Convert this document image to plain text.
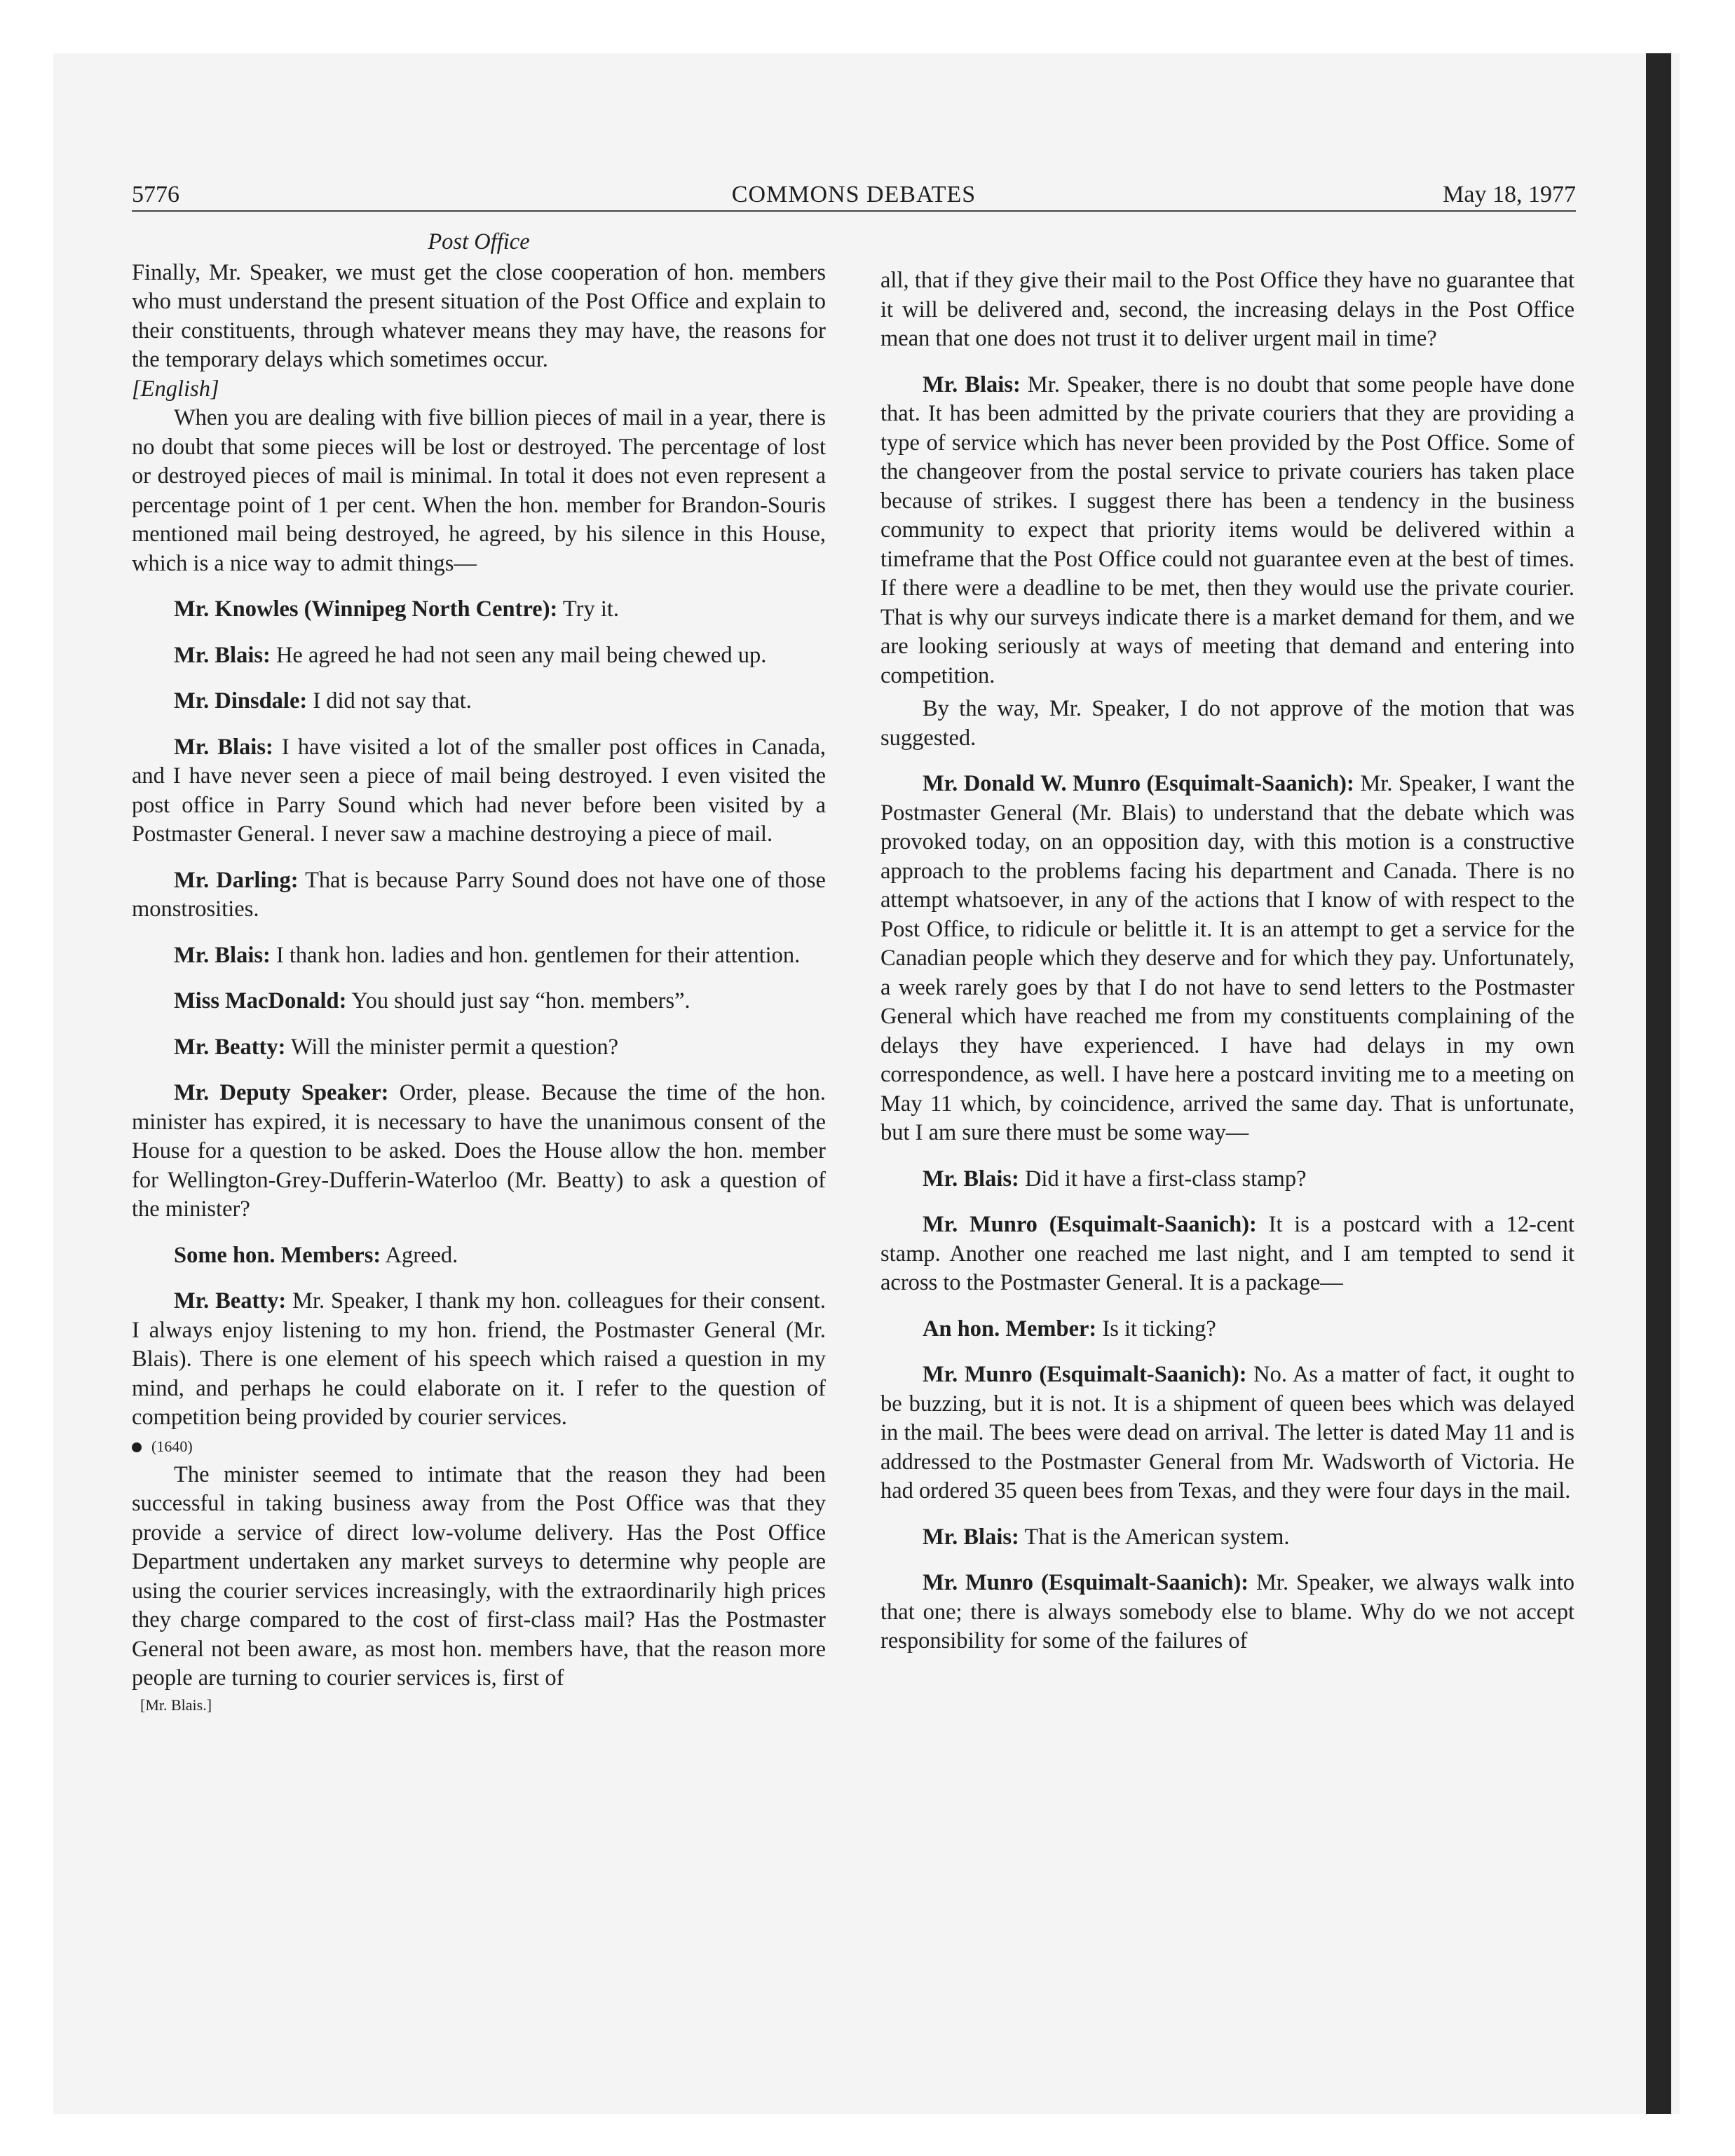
5776	COMMONS DEBATES	May 18, 1977

Post Office

Finally, Mr. Speaker, we must get the close cooperation of hon. members who must understand the present situation of the Post Office and explain to their constituents, through whatever means they may have, the reasons for the temporary delays which sometimes occur.

[English]

When you are dealing with five billion pieces of mail in a year, there is no doubt that some pieces will be lost or destroyed. The percentage of lost or destroyed pieces of mail is minimal. In total it does not even represent a percentage point of 1 per cent. When the hon. member for Brandon-Souris mentioned mail being destroyed, he agreed, by his silence in this House, which is a nice way to admit things—

Mr. Knowles (Winnipeg North Centre): Try it.

Mr. Blais: He agreed he had not seen any mail being chewed up.

Mr. Dinsdale: I did not say that.

Mr. Blais: I have visited a lot of the smaller post offices in Canada, and I have never seen a piece of mail being destroyed. I even visited the post office in Parry Sound which had never before been visited by a Postmaster General. I never saw a machine destroying a piece of mail.

Mr. Darling: That is because Parry Sound does not have one of those monstrosities.

Mr. Blais: I thank hon. ladies and hon. gentlemen for their attention.

Miss MacDonald: You should just say “hon. members”.

Mr. Beatty: Will the minister permit a question?

Mr. Deputy Speaker: Order, please. Because the time of the hon. minister has expired, it is necessary to have the unanimous consent of the House for a question to be asked. Does the House allow the hon. member for Wellington-Grey-Dufferin-Waterloo (Mr. Beatty) to ask a question of the minister?

Some hon. Members: Agreed.

Mr. Beatty: Mr. Speaker, I thank my hon. colleagues for their consent. I always enjoy listening to my hon. friend, the Postmaster General (Mr. Blais). There is one element of his speech which raised a question in my mind, and perhaps he could elaborate on it. I refer to the question of competition being provided by courier services.

(1640)

The minister seemed to intimate that the reason they had been successful in taking business away from the Post Office was that they provide a service of direct low-volume delivery. Has the Post Office Department undertaken any market surveys to determine why people are using the courier services increasingly, with the extraordinarily high prices they charge compared to the cost of first-class mail? Has the Postmaster General not been aware, as most hon. members have, that the reason more people are turning to courier services is, first of

[Mr. Blais.]

all, that if they give their mail to the Post Office they have no guarantee that it will be delivered and, second, the increasing delays in the Post Office mean that one does not trust it to deliver urgent mail in time?

Mr. Blais: Mr. Speaker, there is no doubt that some people have done that. It has been admitted by the private couriers that they are providing a type of service which has never been provided by the Post Office. Some of the changeover from the postal service to private couriers has taken place because of strikes. I suggest there has been a tendency in the business community to expect that priority items would be delivered within a timeframe that the Post Office could not guarantee even at the best of times. If there were a deadline to be met, then they would use the private courier. That is why our surveys indicate there is a market demand for them, and we are looking seriously at ways of meeting that demand and entering into competition.

By the way, Mr. Speaker, I do not approve of the motion that was suggested.

Mr. Donald W. Munro (Esquimalt-Saanich): Mr. Speaker, I want the Postmaster General (Mr. Blais) to understand that the debate which was provoked today, on an opposition day, with this motion is a constructive approach to the problems facing his department and Canada. There is no attempt whatsoever, in any of the actions that I know of with respect to the Post Office, to ridicule or belittle it. It is an attempt to get a service for the Canadian people which they deserve and for which they pay. Unfortunately, a week rarely goes by that I do not have to send letters to the Postmaster General which have reached me from my constituents complaining of the delays they have experienced. I have had delays in my own correspondence, as well. I have here a postcard inviting me to a meeting on May 11 which, by coincidence, arrived the same day. That is unfortunate, but I am sure there must be some way—

Mr. Blais: Did it have a first-class stamp?

Mr. Munro (Esquimalt-Saanich): It is a postcard with a 12-cent stamp. Another one reached me last night, and I am tempted to send it across to the Postmaster General. It is a package—

An hon. Member: Is it ticking?

Mr. Munro (Esquimalt-Saanich): No. As a matter of fact, it ought to be buzzing, but it is not. It is a shipment of queen bees which was delayed in the mail. The bees were dead on arrival. The letter is dated May 11 and is addressed to the Postmaster General from Mr. Wadsworth of Victoria. He had ordered 35 queen bees from Texas, and they were four days in the mail.

Mr. Blais: That is the American system.

Mr. Munro (Esquimalt-Saanich): Mr. Speaker, we always walk into that one; there is always somebody else to blame. Why do we not accept responsibility for some of the failures of
